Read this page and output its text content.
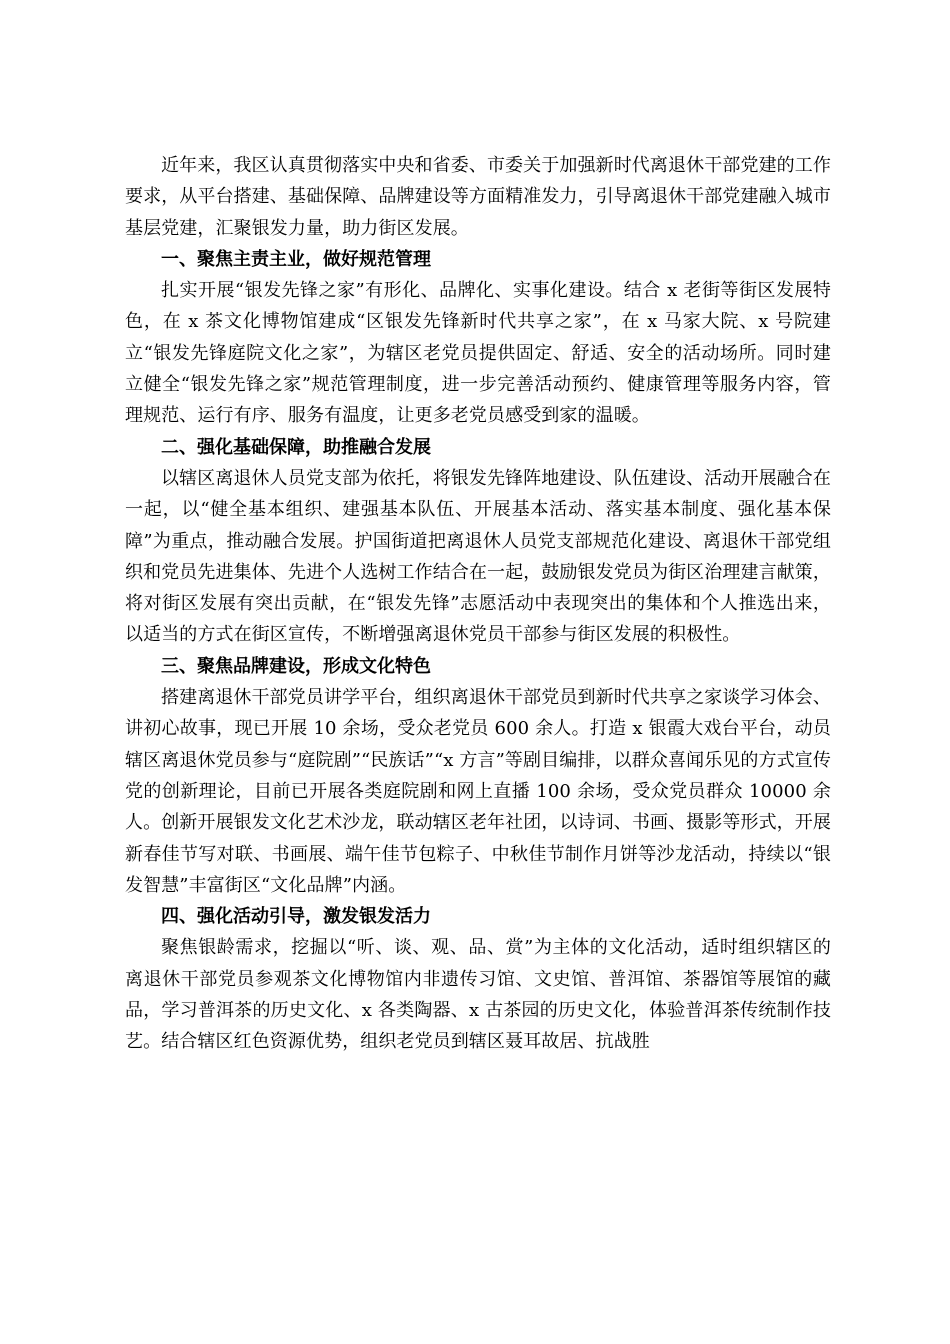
近年来，我区认真贯彻落实中央和省委、市委关于加强新时代离退休干部党建的工作要求，从平台搭建、基础保障、品牌建设等方面精准发力，引导离退休干部党建融入城市基层党建，汇聚银发力量，助力街区发展。

一、聚焦主责主业，做好规范管理

扎实开展“银发先锋之家”有形化、品牌化、实事化建设。结合 x 老街等街区发展特色，在 x 茶文化博物馆建成“区银发先锋新时代共享之家”，在 x 马家大院、x 号院建立“银发先锋庭院文化之家”，为辖区老党员提供固定、舒适、安全的活动场所。同时建立健全“银发先锋之家”规范管理制度，进一步完善活动预约、健康管理等服务内容，管理规范、运行有序、服务有温度，让更多老党员感受到家的温暖。

二、强化基础保障，助推融合发展

以辖区离退休人员党支部为依托，将银发先锋阵地建设、队伍建设、活动开展融合在一起，以“健全基本组织、建强基本队伍、开展基本活动、落实基本制度、强化基本保障”为重点，推动融合发展。护国街道把离退休人员党支部规范化建设、离退休干部党组织和党员先进集体、先进个人选树工作结合在一起，鼓励银发党员为街区治理建言献策，将对街区发展有突出贡献，在“银发先锋”志愿活动中表现突出的集体和个人推选出来，以适当的方式在街区宣传，不断增强离退休党员干部参与街区发展的积极性。

三、聚焦品牌建设，形成文化特色

搭建离退休干部党员讲学平台，组织离退休干部党员到新时代共享之家谈学习体会、讲初心故事，现已开展 10 余场，受众老党员 600 余人。打造 x 银霞大戏台平台，动员辖区离退休党员参与“庭院剧”“民族话”“x 方言”等剧目编排，以群众喜闻乐见的方式宣传党的创新理论，目前已开展各类庭院剧和网上直播 100 余场，受众党员群众 10000 余人。创新开展银发文化艺术沙龙，联动辖区老年社团，以诗词、书画、摄影等形式，开展新春佳节写对联、书画展、端午佳节包粽子、中秋佳节制作月饼等沙龙活动，持续以“银发智慧”丰富街区“文化品牌”内涵。

四、强化活动引导，激发银发活力

聚焦银龄需求，挖掘以“听、谈、观、品、赏”为主体的文化活动，适时组织辖区的离退休干部党员参观茶文化博物馆内非遗传习馆、文史馆、普洱馆、茶器馆等展馆的藏品，学习普洱茶的历史文化、x 各类陶器、x 古茶园的历史文化，体验普洱茶传统制作技艺。结合辖区红色资源优势，组织老党员到辖区聂耳故居、抗战胜
